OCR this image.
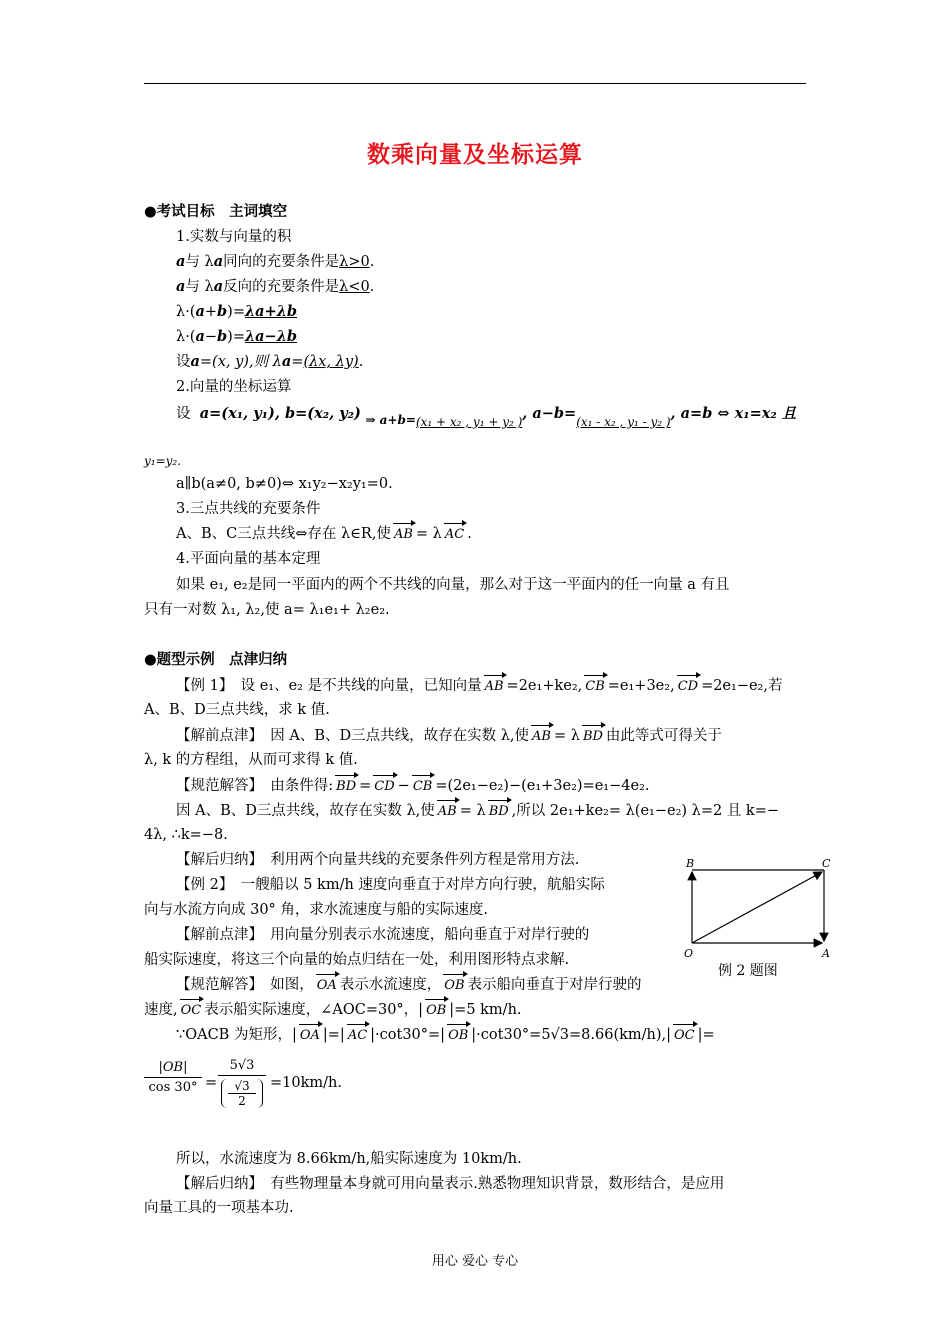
数乘向量及坐标运算
●考试目标　主词填空
1.实数与向量的积
a与 λa同向的充要条件是λ>0.
a与 λa反向的充要条件是λ<0.
λ·(a+b)=λa+λb
λ·(a−b)=λa−λb
设a=(x, y),则 λa=(λx, λy).
2.向量的坐标运算
设 a=(x₁, y₁), b=(x₂, y₂) $_{\Rightarrow a+b=(x_1 + x_2 , y_1 + y_2 )}$, $a-b=_{(x_1 - x_2 , y_1 - y_2 )}$, a=b ⇔ x₁=x₂ 且
y₁=y₂.
a∥b(a≠0, b≠0)⇔ x₁y₂−x₂y₁=0.
3.三点共线的充要条件
A、B、C三点共线⇔存在 λ∈R,使 AB = λ AC .
4.平面向量的基本定理
如果 e₁, e₂是同一平面内的两个不共线的向量，那么对于这一平面内的任一向量 a 有且
只有一对数 λ₁, λ₂,使 a= λ₁e₁+ λ₂e₂.
●题型示例　点津归纳
【例 1】　设 e₁、e₂ 是不共线的向量，已知向量 AB =2e₁+ke₂, CB =e₁+3e₂, CD =2e₁−e₂,若
A、B、D三点共线，求 k 值.
【解前点津】　因 A、B、D三点共线，故存在实数 λ,使 AB = λ BD 由此等式可得关于
λ, k 的方程组，从而可求得 k 值.
【规范解答】　由条件得: BD = CD − CB =(2e₁−e₂)−(e₁+3e₂)=e₁−4e₂.
因 A、B、D三点共线，故存在实数 λ,使 AB = λ BD ,所以 2e₁+ke₂= λ(e₁−e₂) λ=2 且 k=−
4λ, ∴k=−8.
【解后归纳】　利用两个向量共线的充要条件列方程是常用方法.
【例 2】　一艘船以 5 km/h 速度向垂直于对岸方向行驶，航船实际
向与水流方向成 30° 角，求水流速度与船的实际速度.
【解前点津】　用向量分别表示水流速度，船向垂直于对岸行驶的
船实际速度，将这三个向量的始点归结在一处，利用图形特点求解.
【规范解答】　如图， OA 表示水流速度， OB 表示船向垂直于对岸行驶的
速度, OC 表示船实际速度，∠AOC=30°，| OB |=5 km/h.
∵OACB 为矩形，| OA |=| AC |·cot30°=| OB |·cot30°=5√3=8.66(km/h),| OC |=
$\frac{|OB|}{\cos 30^\circ} = 5√3$
√3
2 =10km/h.
所以，水流速度为 8.66km/h,船实际速度为 10km/h.
【解后归纳】　有些物理量本身就可用向量表示.熟悉物理知识背景，数形结合，是应用
向量工具的一项基本功.
B	C
O	A
例 2 题图
用心 爱心 专心
